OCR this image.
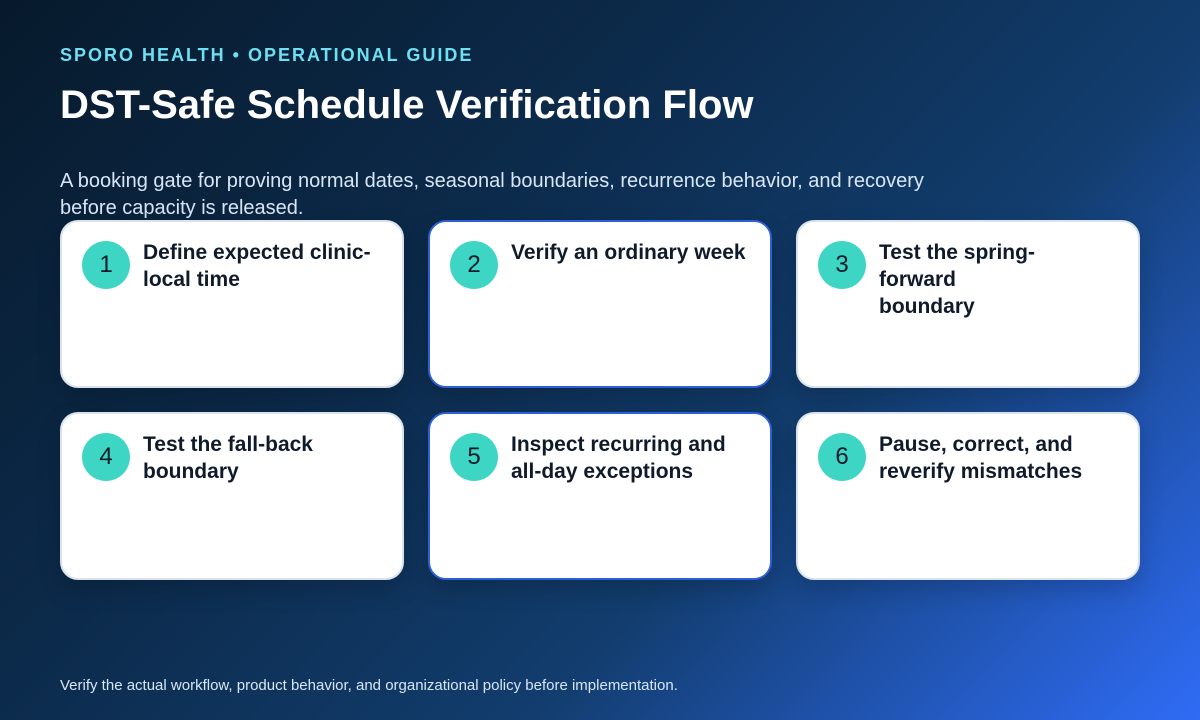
SPORO HEALTH • OPERATIONAL GUIDE
DST-Safe Schedule Verification Flow

A booking gate for proving normal dates, seasonal boundaries, recurrence behavior, and recovery before capacity is released.

1	Define expected clinic-local time
2	Verify an ordinary week	3	Test the spring-forward boundary
4	Test the fall-back boundary
5	Inspect recurring and all-day exceptions
6	Pause, correct, and reverify mismatches
Verify the actual workflow, product behavior, and organizational policy before implementation.
